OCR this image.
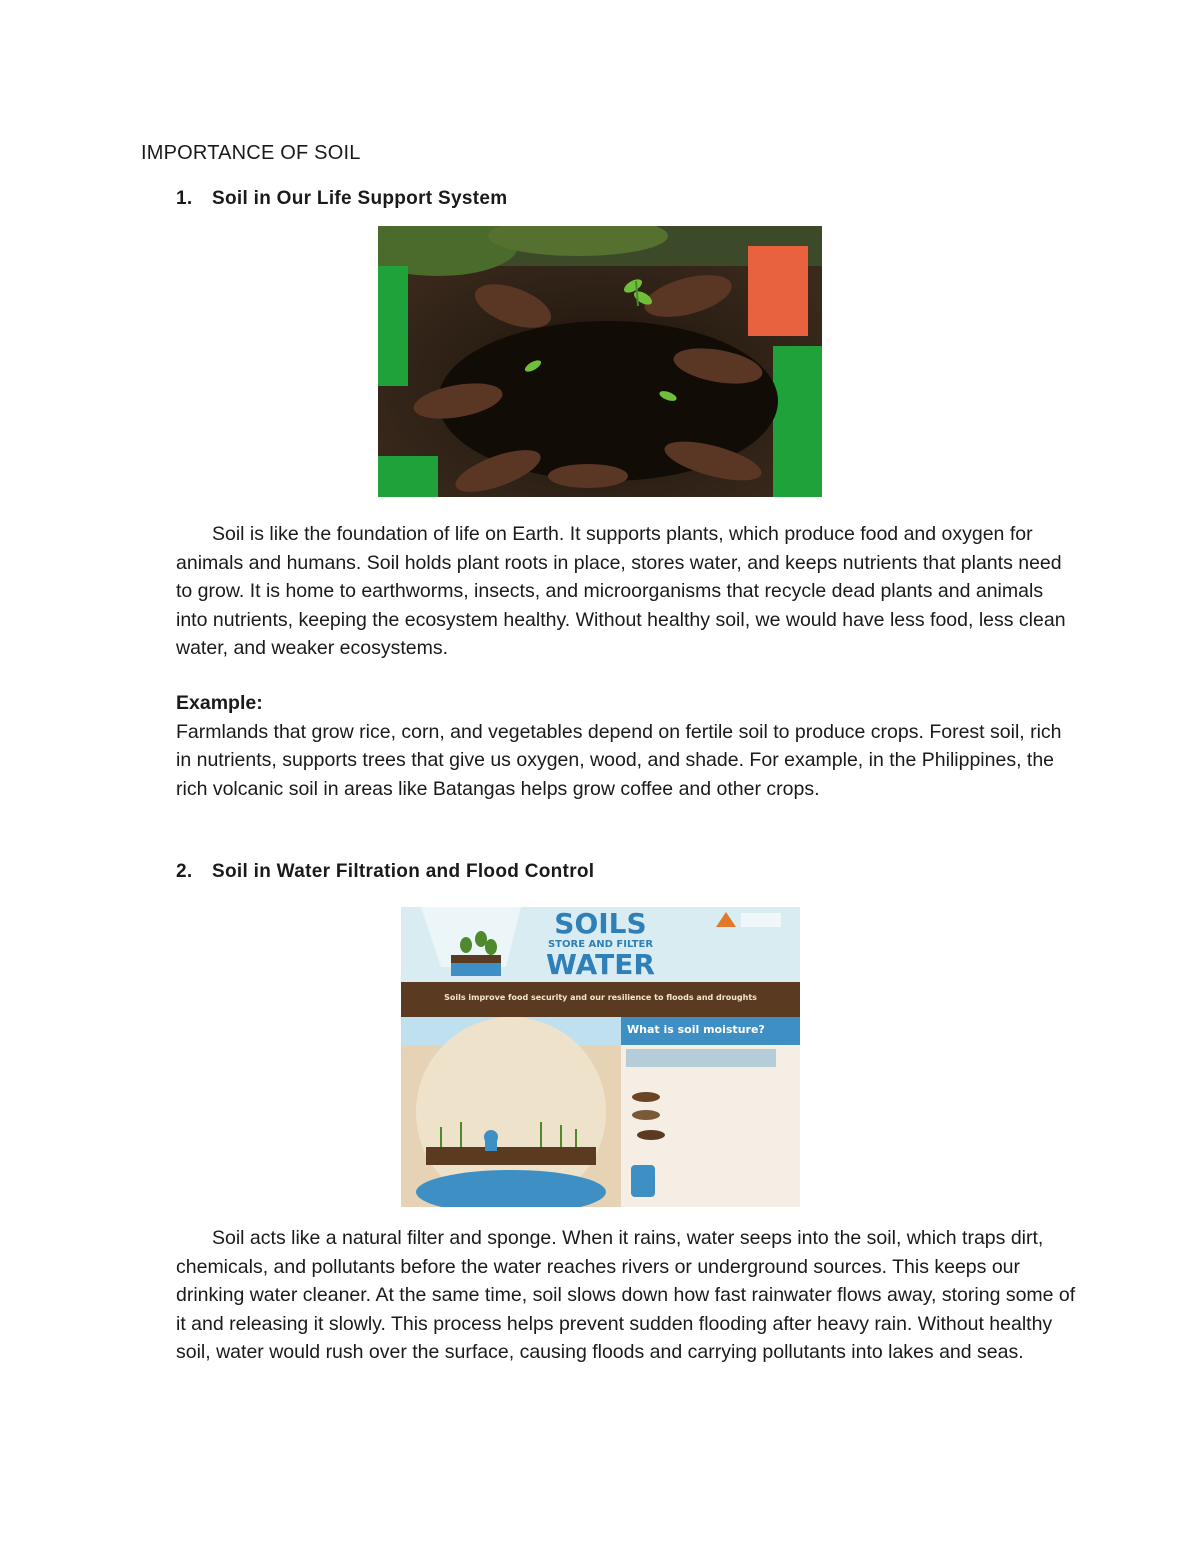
IMPORTANCE OF SOIL
1. Soil in Our Life Support System

Soil is like the foundation of life on Earth. It supports plants, which produce food and oxygen for animals and humans. Soil holds plant roots in place, stores water, and keeps nutrients that plants need to grow. It is home to earthworms, insects, and microorganisms that recycle dead plants and animals into nutrients, keeping the ecosystem healthy. Without healthy soil, we would have less food, less clean water, and weaker ecosystems.

Example:
Farmlands that grow rice, corn, and vegetables depend on fertile soil to produce crops. Forest soil, rich in nutrients, supports trees that give us oxygen, wood, and shade. For example, in the Philippines, the rich volcanic soil in areas like Batangas helps grow coffee and other crops.
2. Soil in Water Filtration and Flood Control
SOILS
STORE AND FILTER
WATER
Soils improve food security and our resilience to floods and droughts
What is soil moisture?

Soil acts like a natural filter and sponge. When it rains, water seeps into the soil, which traps dirt, chemicals, and pollutants before the water reaches rivers or underground sources. This keeps our drinking water cleaner. At the same time, soil slows down how fast rainwater flows away, storing some of it and releasing it slowly. This process helps prevent sudden flooding after heavy rain. Without healthy soil, water would rush over the surface, causing floods and carrying pollutants into lakes and seas.
